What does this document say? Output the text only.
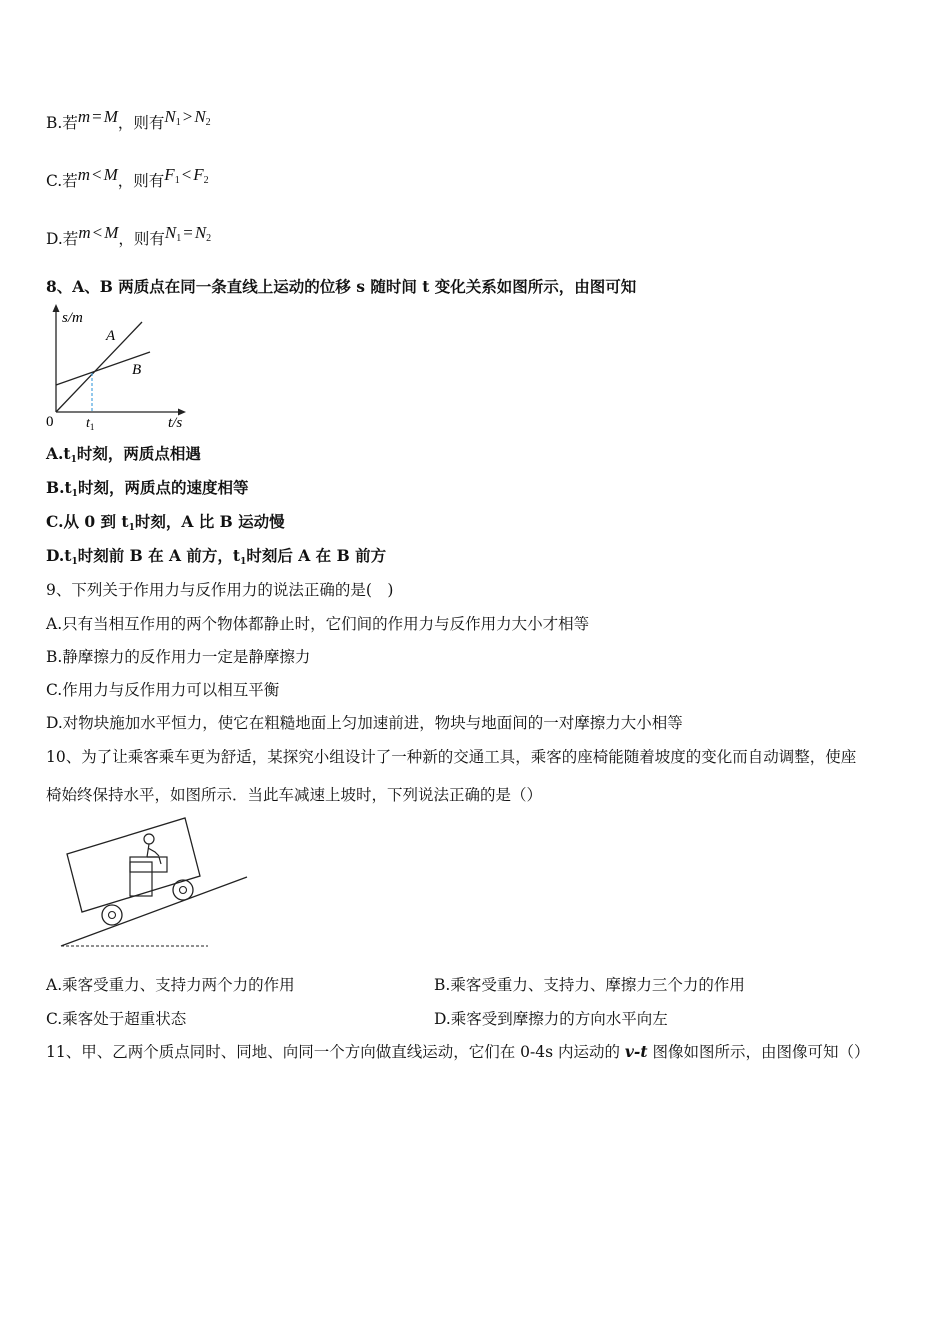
B.若m = M，则有$N_1 > N_2$
C.若m < M，则有$F_1 < F_2$
D.若m < M，则有$N_1 = N_2$
8、A、B 两质点在同一条直线上运动的位移 s 随时间 t 变化关系如图所示，由图可知
s/m
t/s
0 $t_1$
A
B
A.t1时刻，两质点相遇
B.t1时刻，两质点的速度相等
C.从 0 到 t1时刻，A 比 B 运动慢
D.t1时刻前 B 在 A 前方，t1时刻后 A 在 B 前方
9、下列关于作用力与反作用力的说法正确的是(　)
A.只有当相互作用的两个物体都静止时，它们间的作用力与反作用力大小才相等
B.静摩擦力的反作用力一定是静摩擦力
C.作用力与反作用力可以相互平衡
D.对物块施加水平恒力，使它在粗糙地面上匀加速前进，物块与地面间的一对摩擦力大小相等
10、为了让乘客乘车更为舒适，某探究小组设计了一种新的交通工具，乘客的座椅能随着坡度的变化而自动调整，使座
椅始终保持水平，如图所示．当此车减速上坡时，下列说法正确的是（）
A.乘客受重力、支持力两个力的作用	B.乘客受重力、支持力、摩擦力三个力的作用
C.乘客处于超重状态	D.乘客受到摩擦力的方向水平向左
11、甲、乙两个质点同时、同地、向同一个方向做直线运动，它们在 0-4s 内运动的 v-t 图像如图所示，由图像可知（）
